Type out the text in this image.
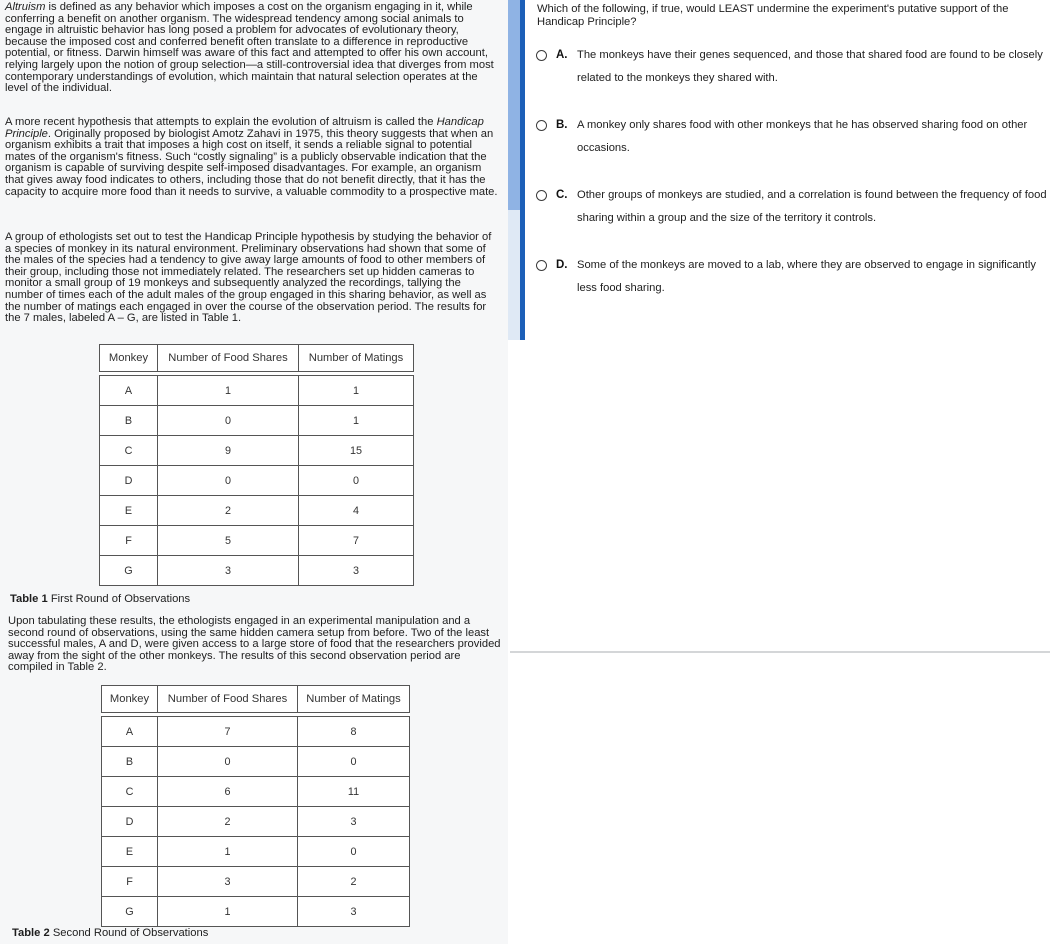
Altruism is defined as any behavior which imposes a cost on the organism engaging in it, while conferring a benefit on another organism. The widespread tendency among social animals to engage in altruistic behavior has long posed a problem for advocates of evolutionary theory, because the imposed cost and conferred benefit often translate to a difference in reproductive potential, or fitness. Darwin himself was aware of this fact and attempted to offer his own account, relying largely upon the notion of group selection—a still-controversial idea that diverges from most contemporary understandings of evolution, which maintain that natural selection operates at the level of the individual.

A more recent hypothesis that attempts to explain the evolution of altruism is called the Handicap Principle. Originally proposed by biologist Amotz Zahavi in 1975, this theory suggests that when an organism exhibits a trait that imposes a high cost on itself, it sends a reliable signal to potential mates of the organism's fitness. Such “costly signaling” is a publicly observable indication that the organism is capable of surviving despite self-imposed disadvantages. For example, an organism that gives away food indicates to others, including those that do not benefit directly, that it has the capacity to acquire more food than it needs to survive, a valuable commodity to a prospective mate.

A group of ethologists set out to test the Handicap Principle hypothesis by studying the behavior of a species of monkey in its natural environment. Preliminary observations had shown that some of the males of the species had a tendency to give away large amounts of food to other members of their group, including those not immediately related. The researchers set up hidden cameras to monitor a small group of 19 monkeys and subsequently analyzed the recordings, tallying the number of times each of the adult males of the group engaged in this sharing behavior, as well as the number of matings each engaged in over the course of the observation period. The results for the 7 males, labeled A – G, are listed in Table 1.

Monkey	Number of Food Shares	Number of Matings

A	1	1
B	0	1
C	9	15
D	0	0
E	2	4
F	5	7
G	3	3
Table 1 First Round of Observations

Upon tabulating these results, the ethologists engaged in an experimental manipulation and a second round of observations, using the same hidden camera setup from before. Two of the least successful males, A and D, were given access to a large store of food that the researchers provided away from the sight of the other monkeys. The results of this second observation period are compiled in Table 2.

Monkey	Number of Food Shares	Number of Matings

A	7	8
B	0	0
C	6	11
D	2	3
E	1	0
F	3	2
G	1	3
Table 2 Second Round of Observations
Which of the following, if true, would LEAST undermine the experiment's putative support of the Handicap Principle?
A. The monkeys have their genes sequenced, and those that shared food are found to be closely related to the monkeys they shared with.
B. A monkey only shares food with other monkeys that he has observed sharing food on other occasions.
C. Other groups of monkeys are studied, and a correlation is found between the frequency of food sharing within a group and the size of the territory it controls.
D. Some of the monkeys are moved to a lab, where they are observed to engage in significantly less food sharing.
